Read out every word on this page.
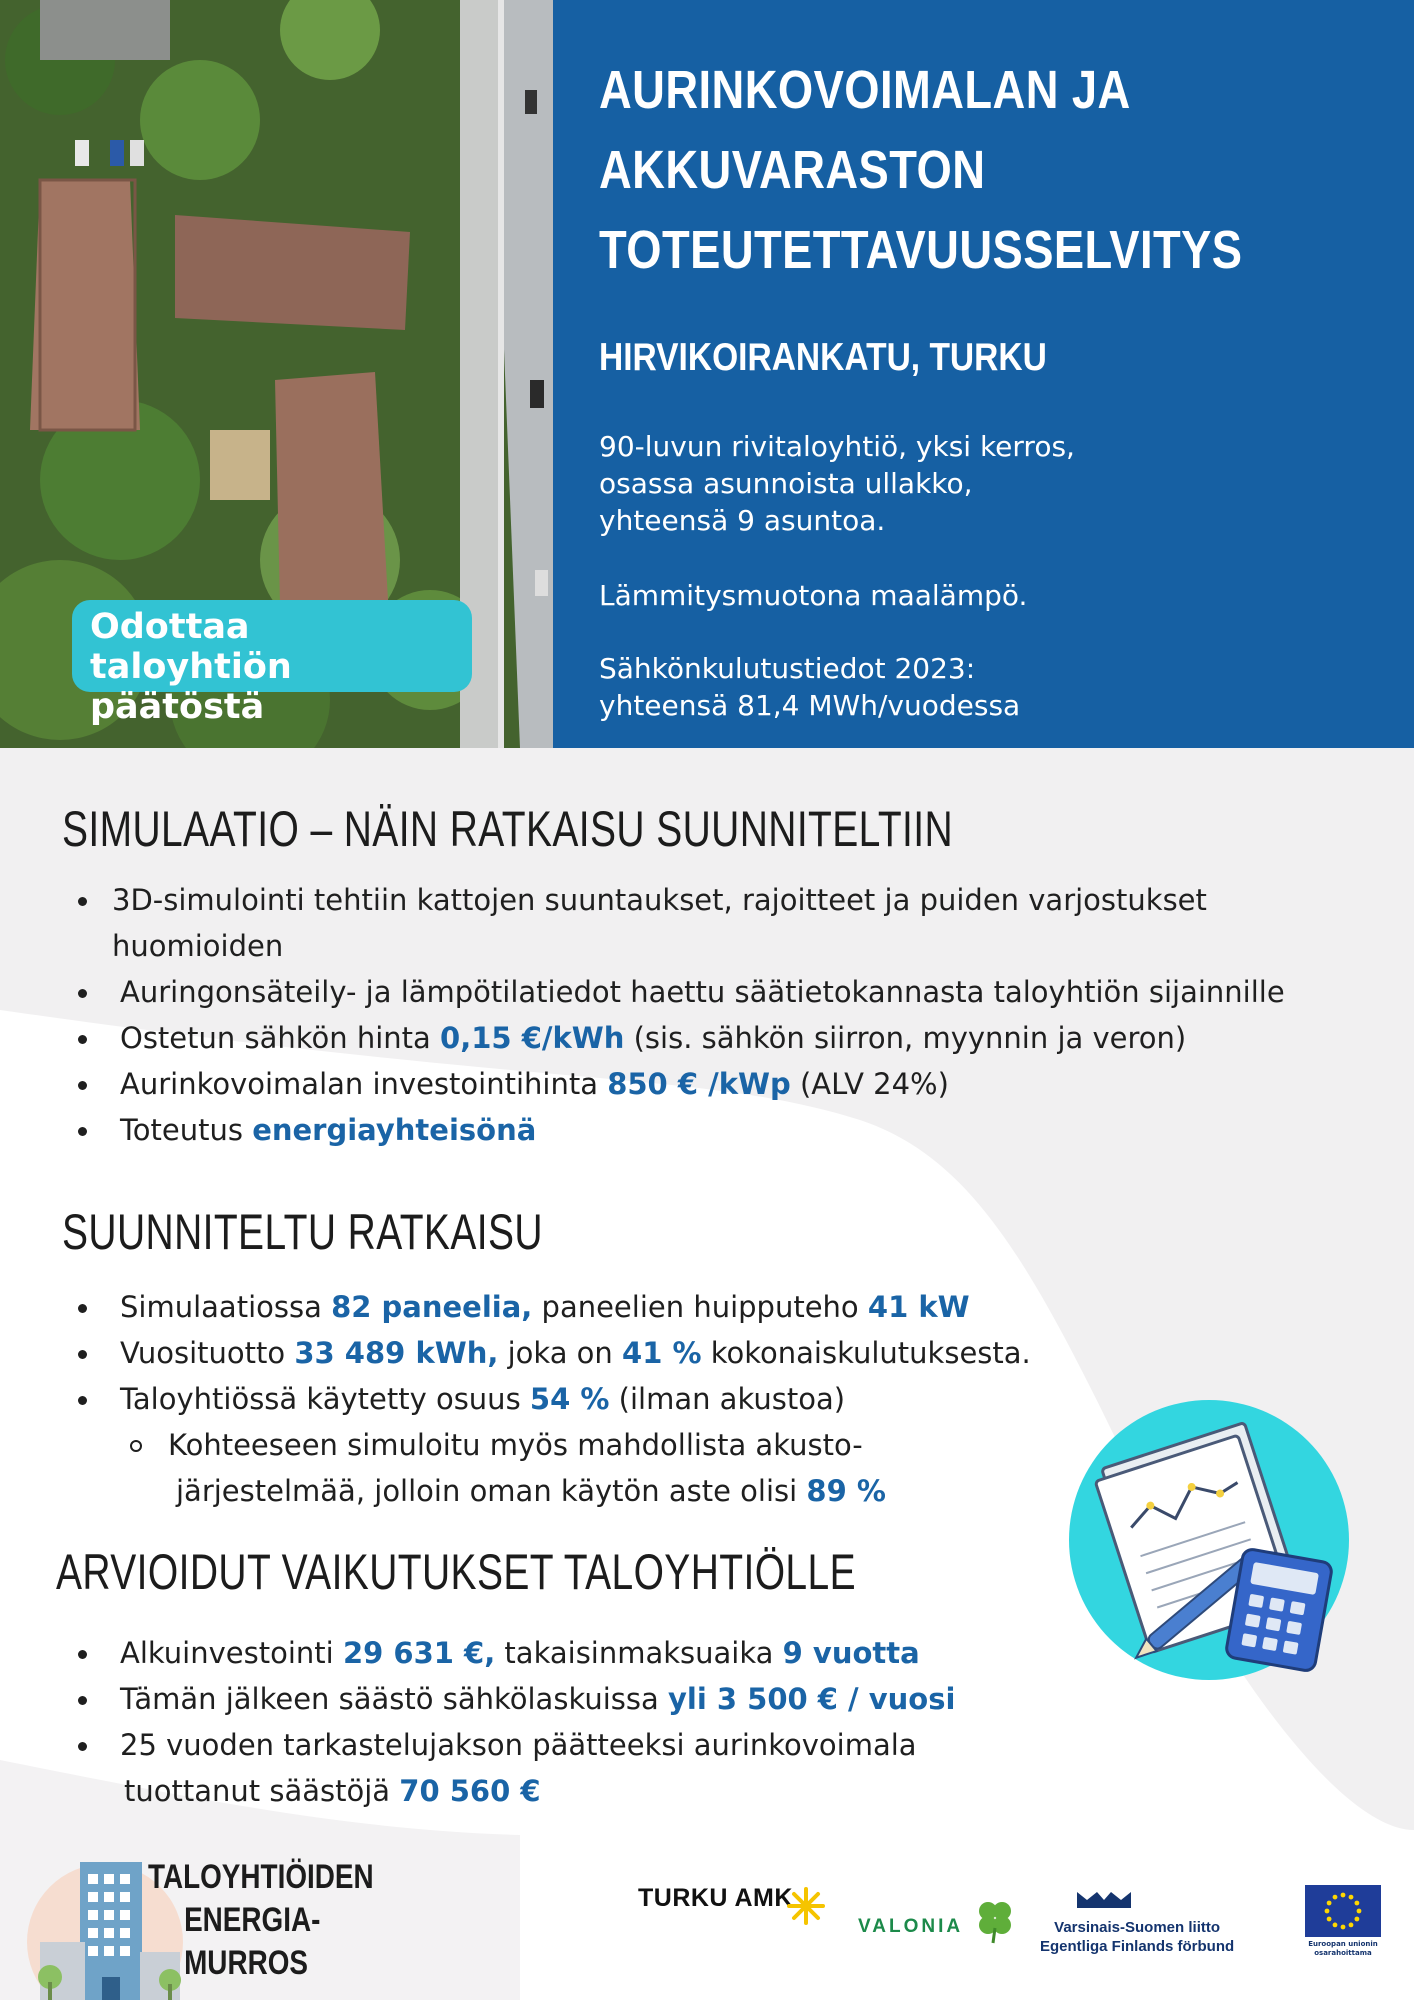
Odottaa taloyhtiön
päätöstä
AURINKOVOIMALAN JA
AKKUVARASTON
TOTEUTETTAVUUSSELVITYS
HIRVIKOIRANKATU, TURKU
90-luvun rivitaloyhtiö, yksi kerros,
osassa asunnoista ullakko,
yhteensä 9 asuntoa.
Lämmitysmuotona maalämpö.
Sähkönkulutustiedot 2023:
yhteensä 81,4 MWh/vuodessa
SIMULAATIO – NÄIN RATKAISU SUUNNITELTIIN
3D-simulointi tehtiin kattojen suuntaukset, rajoitteet ja puiden varjostukset
huomioiden
Auringonsäteily- ja lämpötilatiedot haettu säätietokannasta taloyhtiön sijainnille
Ostetun sähkön hinta 0,15 €/kWh (sis. sähkön siirron, myynnin ja veron)
Aurinkovoimalan investointihinta 850 € /kWp (ALV 24%)
Toteutus energiayhteisönä
SUUNNITELTU RATKAISU
Simulaatiossa 82 paneelia, paneelien huipputeho 41 kW
Vuosituotto 33 489 kWh, joka on 41 % kokonaiskulutuksesta.
Taloyhtiössä käytetty osuus 54 % (ilman akustoa)
Kohteeseen simuloitu myös mahdollista akusto-
järjestelmää, jolloin oman käytön aste olisi 89 %
ARVIOIDUT VAIKUTUKSET TALOYHTIÖLLE
Alkuinvestointi 29 631 €, takaisinmaksuaika 9 vuotta
Tämän jälkeen säästö sähkölaskuissa yli 3 500 € / vuosi
25 vuoden tarkastelujakson päätteeksi aurinkovoimala
tuottanut säästöjä 70 560 €
TALOYHTIÖIDEN
ENERGIA-
MURROS
TURKU AMK
VALONIA	Varsinais-Suomen liitto
Egentliga Finlands förbund	Euroopan unionin
osarahoittama
